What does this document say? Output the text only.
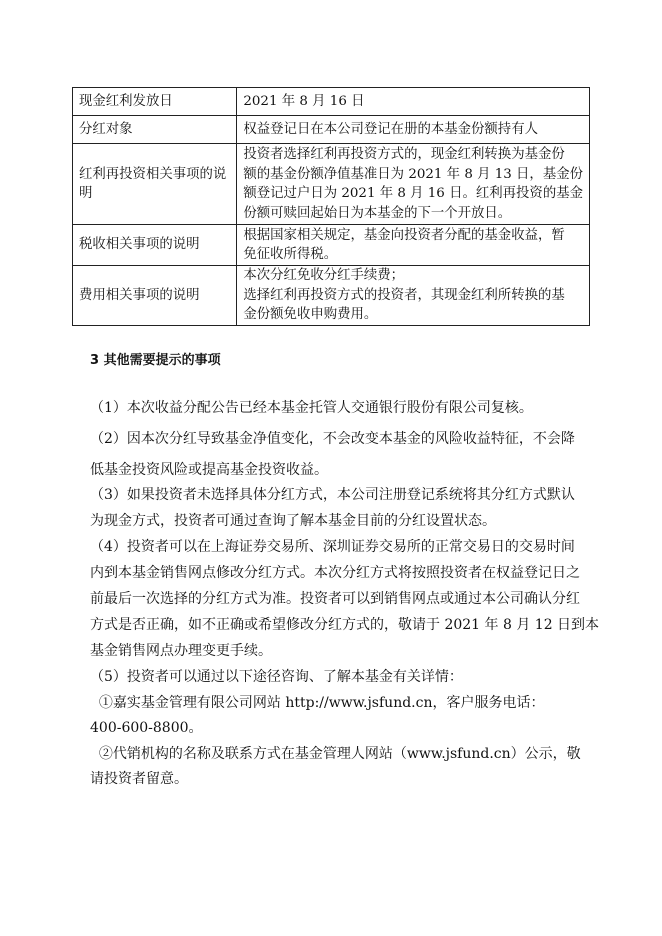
现金红利发放日	2021 年 8 月 16 日

分红对象	权益登记日在本公司登记在册的本基金份额持有人

红利再投资相关事项的说明	投资者选择红利再投资方式的，现金红利转换为基金份
额的基金份额净值基准日为 2021 年 8 月 13 日，基金份
额登记过户日为 2021 年 8 月 16 日。红利再投资的基金
份额可赎回起始日为本基金的下一个开放日。

税收相关事项的说明	根据国家相关规定，基金向投资者分配的基金收益，暂
免征收所得税。

费用相关事项的说明	本次分红免收分红手续费；
选择红利再投资方式的投资者，其现金红利所转换的基
金份额免收申购费用。
3 其他需要提示的事项
（1）本次收益分配公告已经本基金托管人交通银行股份有限公司复核。
（2）因本次分红导致基金净值变化，不会改变本基金的风险收益特征，不会降
低基金投资风险或提高基金投资收益。
（3）如果投资者未选择具体分红方式，本公司注册登记系统将其分红方式默认
为现金方式，投资者可通过查询了解本基金目前的分红设置状态。
（4）投资者可以在上海证券交易所、深圳证券交易所的正常交易日的交易时间
内到本基金销售网点修改分红方式。本次分红方式将按照投资者在权益登记日之
前最后一次选择的分红方式为准。投资者可以到销售网点或通过本公司确认分红
方式是否正确，如不正确或希望修改分红方式的，敬请于 2021 年 8 月 12 日到本
基金销售网点办理变更手续。
（5）投资者可以通过以下途径咨询、了解本基金有关详情：
①嘉实基金管理有限公司网站 http://www.jsfund.cn，客户服务电话：
400-600-8800。
②代销机构的名称及联系方式在基金管理人网站（www.jsfund.cn）公示，敬
请投资者留意。
